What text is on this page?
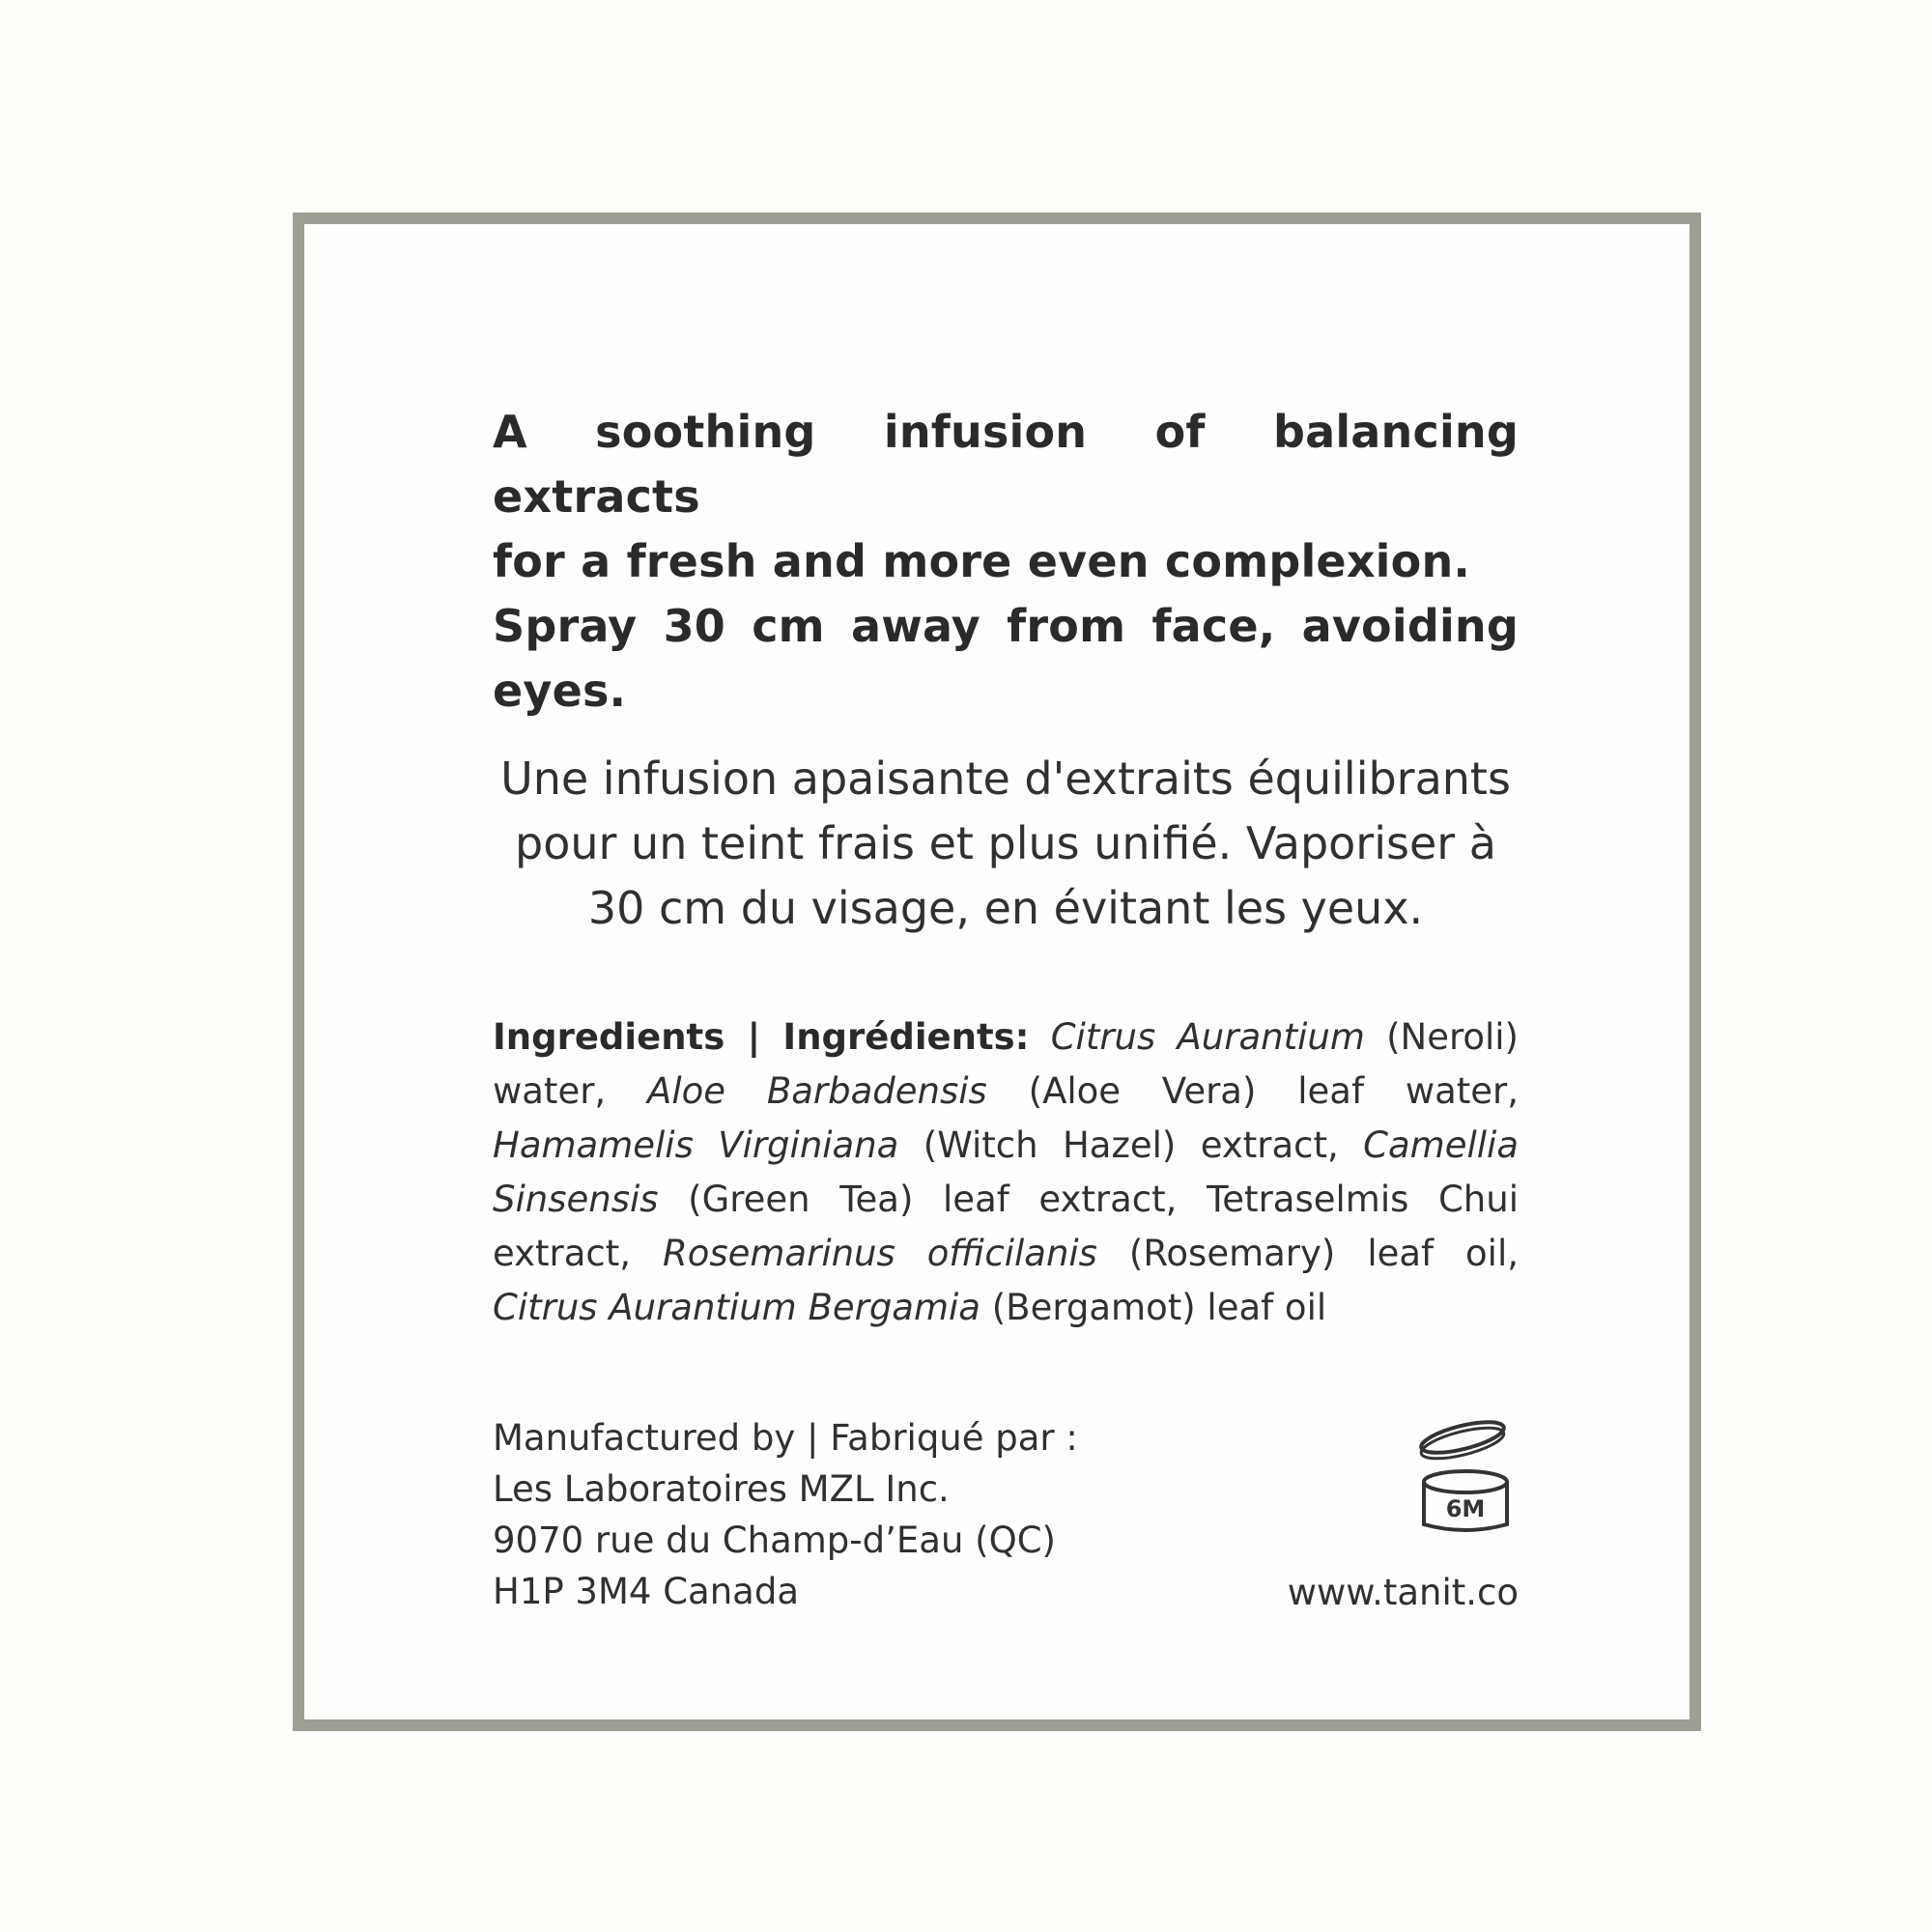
A soothing infusion of balancing extracts
for a fresh and more even complexion.
Spray 30 cm away from face, avoiding eyes.
Une infusion apaisante d'extraits équilibrants
pour un teint frais et plus unifié. Vaporiser à
30 cm du visage, en évitant les yeux.
Ingredients | Ingrédients: Citrus Aurantium (Neroli) water, Aloe Barbadensis (Aloe Vera) leaf water, Hamamelis Virginiana (Witch Hazel) extract, Camellia Sinsensis (Green Tea) leaf extract, Tetraselmis Chui extract, Rosemarinus officilanis (Rosemary) leaf oil, Citrus Aurantium Bergamia (Bergamot) leaf oil
Manufactured by | Fabriqué par :
Les Laboratoires MZL Inc.
9070 rue du Champ-d’Eau (QC)
H1P 3M4 Canada
6M
www.tanit.co
